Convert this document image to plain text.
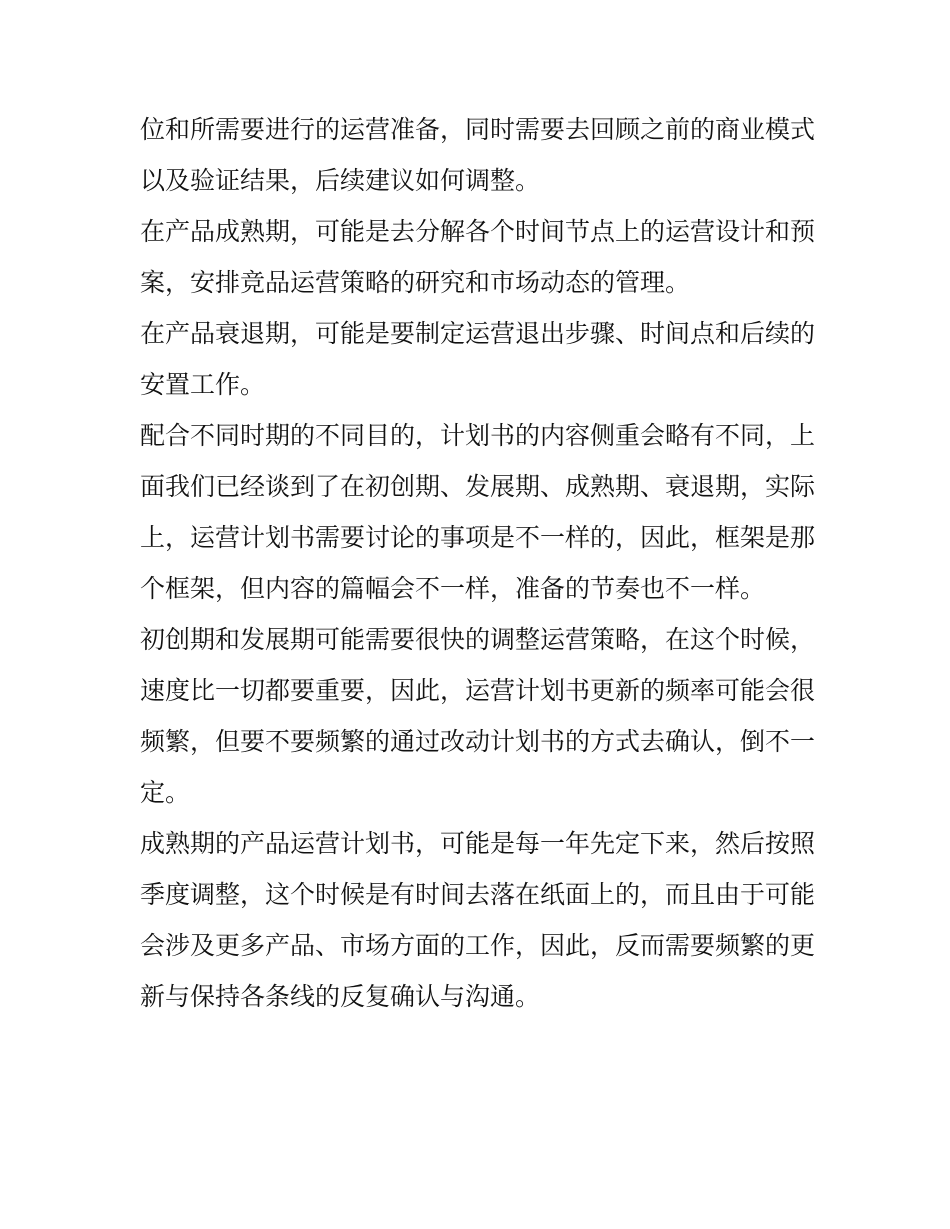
位和所需要进行的运营准备，同时需要去回顾之前的商业模式
以及验证结果，后续建议如何调整。

在产品成熟期，可能是去分解各个时间节点上的运营设计和预
案，安排竞品运营策略的研究和市场动态的管理。

在产品衰退期，可能是要制定运营退出步骤、时间点和后续的
安置工作。

配合不同时期的不同目的，计划书的内容侧重会略有不同，上
面我们已经谈到了在初创期、发展期、成熟期、衰退期，实际
上，运营计划书需要讨论的事项是不一样的，因此，框架是那
个框架，但内容的篇幅会不一样，准备的节奏也不一样。

初创期和发展期可能需要很快的调整运营策略，在这个时候，
速度比一切都要重要，因此，运营计划书更新的频率可能会很
频繁，但要不要频繁的通过改动计划书的方式去确认，倒不一
定。

成熟期的产品运营计划书，可能是每一年先定下来，然后按照
季度调整，这个时候是有时间去落在纸面上的，而且由于可能
会涉及更多产品、市场方面的工作，因此，反而需要频繁的更
新与保持各条线的反复确认与沟通。
